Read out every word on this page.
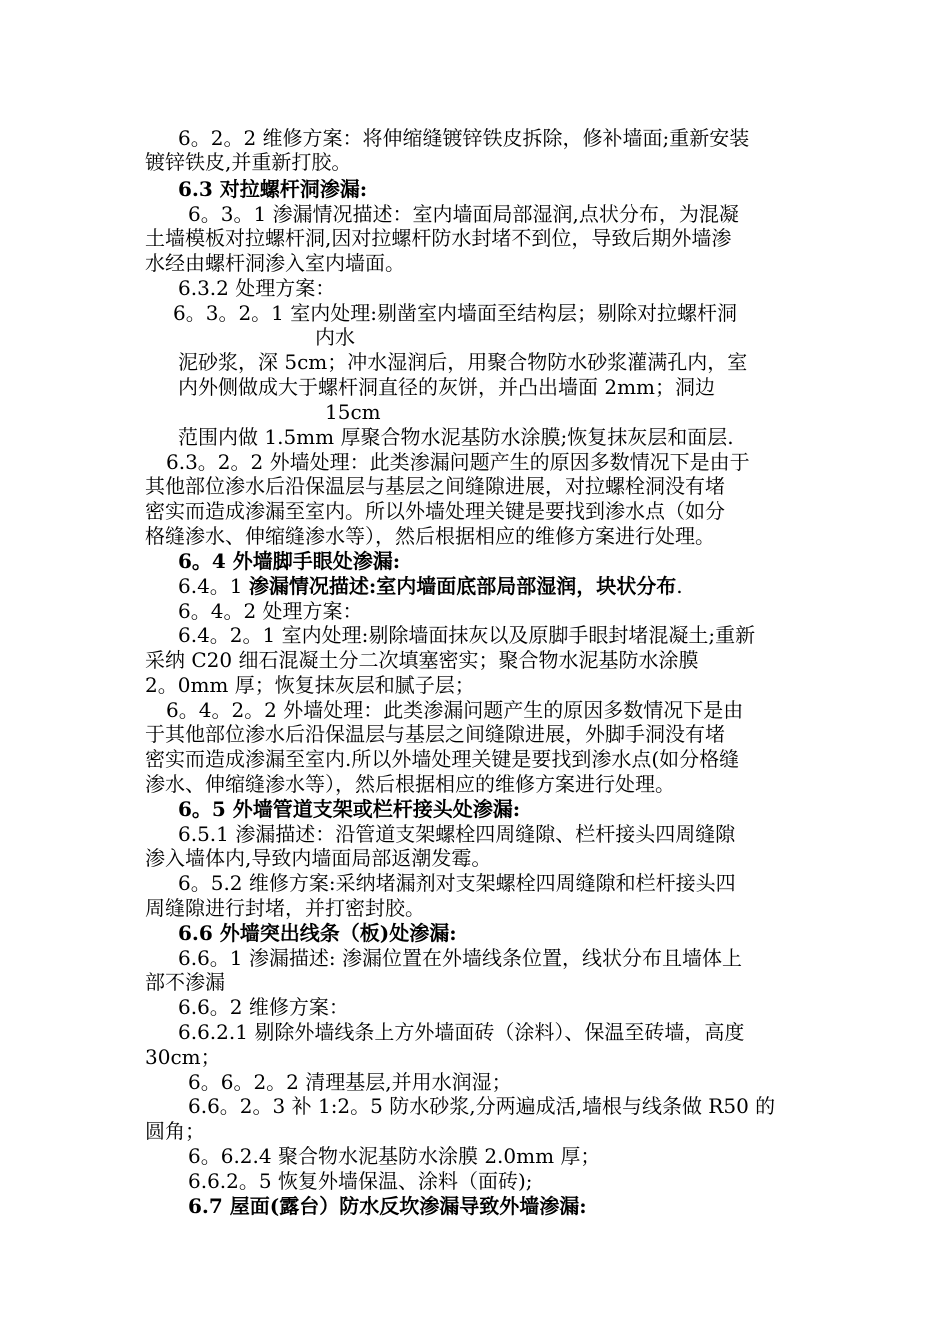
6。2。2 维修方案：将伸缩缝镀锌铁皮拆除，修补墙面;重新安装
镀锌铁皮,并重新打胶。
6.3 对拉螺杆洞渗漏:
6。3。1 渗漏情况描述：室内墙面局部湿润,点状分布，为混凝
土墙模板对拉螺杆洞,因对拉螺杆防水封堵不到位，导致后期外墙渗
水经由螺杆洞渗入室内墙面。
6.3.2 处理方案：
6。3。2。1 室内处理:剔凿室内墙面至结构层；剔除对拉螺杆洞
内水
泥砂浆，深 5cm；冲水湿润后，用聚合物防水砂浆灌满孔内，室
内外侧做成大于螺杆洞直径的灰饼，并凸出墙面 2mm；洞边
15cm
范围内做 1.5mm 厚聚合物水泥基防水涂膜;恢复抹灰层和面层.
6.3。2。2 外墙处理：此类渗漏问题产生的原因多数情况下是由于
其他部位渗水后沿保温层与基层之间缝隙进展，对拉螺栓洞没有堵
密实而造成渗漏至室内。所以外墙处理关键是要找到渗水点（如分
格缝渗水、伸缩缝渗水等），然后根据相应的维修方案进行处理。
6。4 外墙脚手眼处渗漏:
6.4。1 渗漏情况描述:室内墙面底部局部湿润，块状分布.
6。4。2 处理方案：
6.4。2。1 室内处理:剔除墙面抹灰以及原脚手眼封堵混凝土;重新
采纳 C20 细石混凝土分二次填塞密实；聚合物水泥基防水涂膜
2。0mm 厚；恢复抹灰层和腻子层；
6。4。2。2 外墙处理：此类渗漏问题产生的原因多数情况下是由
于其他部位渗水后沿保温层与基层之间缝隙进展，外脚手洞没有堵
密实而造成渗漏至室内.所以外墙处理关键是要找到渗水点(如分格缝
渗水、伸缩缝渗水等），然后根据相应的维修方案进行处理。
6。5 外墙管道支架或栏杆接头处渗漏:
6.5.1 渗漏描述：沿管道支架螺栓四周缝隙、栏杆接头四周缝隙
渗入墙体内,导致内墙面局部返潮发霉。
6。5.2 维修方案:采纳堵漏剂对支架螺栓四周缝隙和栏杆接头四
周缝隙进行封堵，并打密封胶。
6.6 外墙突出线条（板)处渗漏:
6.6。1 渗漏描述: 渗漏位置在外墙线条位置，线状分布且墙体上
部不渗漏
6.6。2 维修方案：
6.6.2.1 剔除外墙线条上方外墙面砖（涂料）、保温至砖墙，高度
30cm；
6。6。2。2 清理基层,并用水润湿；
6.6。2。3 补 1:2。5 防水砂浆,分两遍成活,墙根与线条做 R50 的
圆角；
6。6.2.4 聚合物水泥基防水涂膜 2.0mm 厚；
6.6.2。5 恢复外墙保温、涂料（面砖);
6.7 屋面(露台）防水反坎渗漏导致外墙渗漏:
